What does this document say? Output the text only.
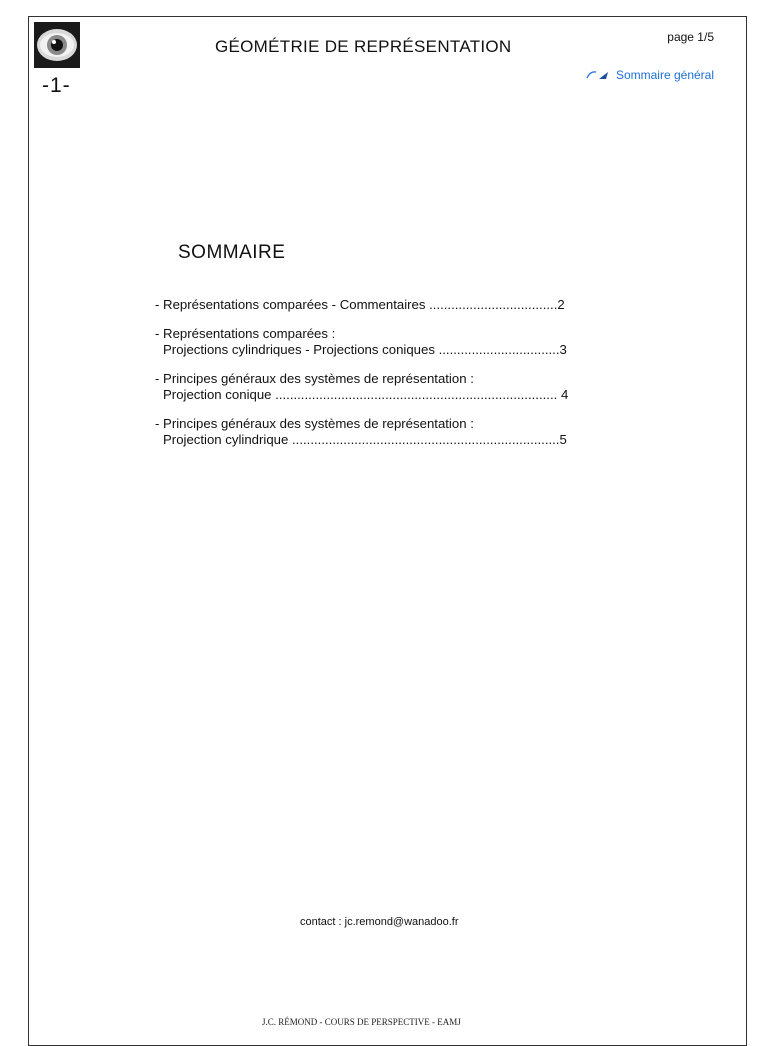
-1-
GÉOMÉTRIE DE REPRÉSENTATION	page 1/5
Sommaire général
SOMMAIRE
- Représentations comparées - Commentaires ...................................2
- Représentations comparées :
Projections cylindriques - Projections coniques .................................3
- Principes généraux des systèmes de représentation :
Projection conique ............................................................................. 4
- Principes généraux des systèmes de représentation :
Projection cylindrique .........................................................................5
contact : jc.remond@wanadoo.fr
J.C. RÉMOND - COURS DE PERSPECTIVE - EAMJ
